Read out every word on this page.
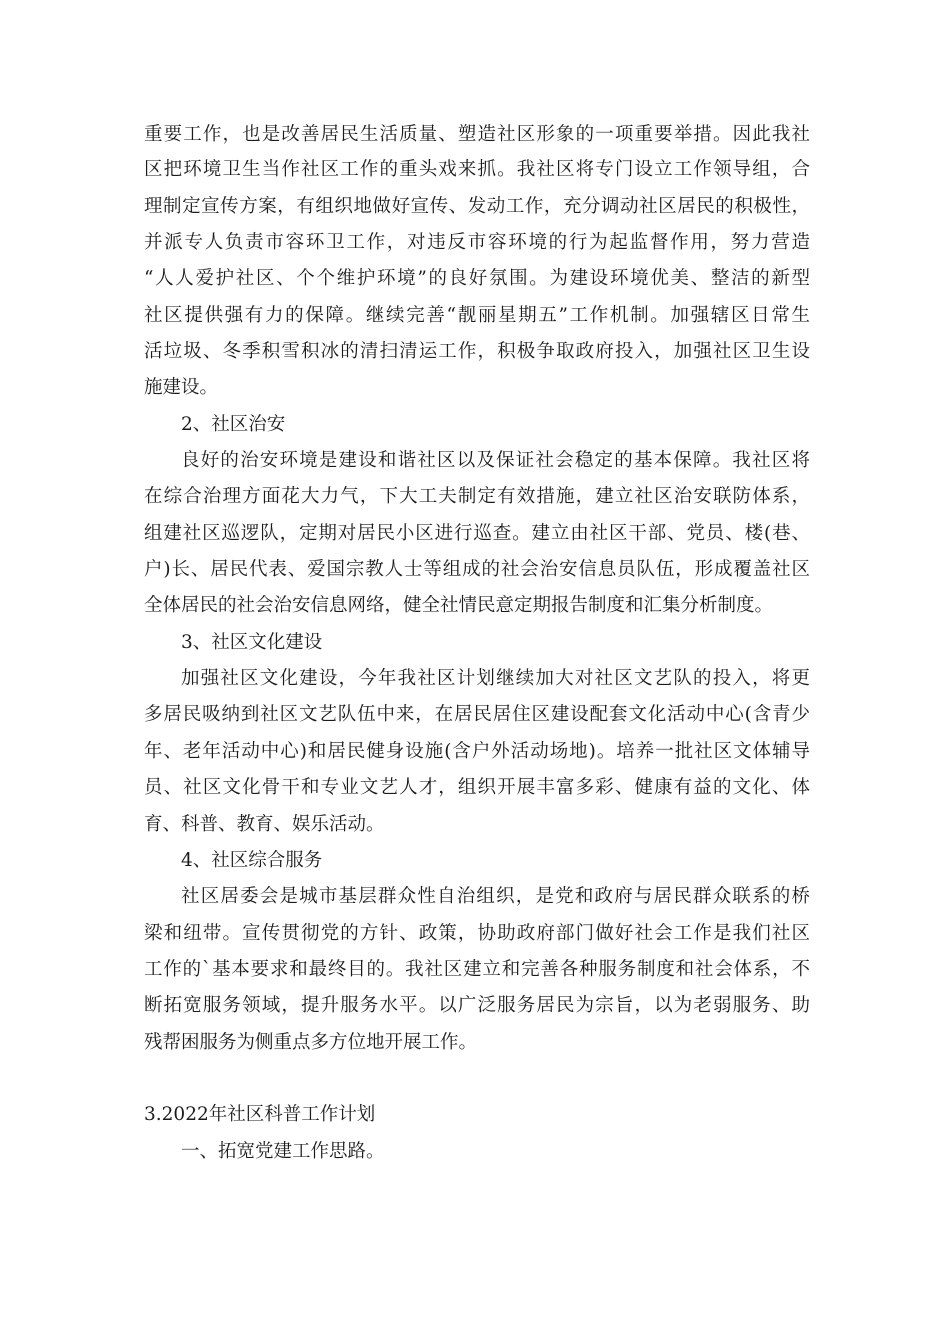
重要工作，也是改善居民生活质量、塑造社区形象的一项重要举措。因此我社
区把环境卫生当作社区工作的重头戏来抓。我社区将专门设立工作领导组，合
理制定宣传方案，有组织地做好宣传、发动工作，充分调动社区居民的积极性，
并派专人负责市容环卫工作，对违反市容环境的行为起监督作用，努力营造
“人人爱护社区、个个维护环境”的良好氛围。为建设环境优美、整洁的新型
社区提供强有力的保障。继续完善“靓丽星期五”工作机制。加强辖区日常生
活垃圾、冬季积雪积冰的清扫清运工作，积极争取政府投入，加强社区卫生设
施建设。
2、社区治安
良好的治安环境是建设和谐社区以及保证社会稳定的基本保障。我社区将
在综合治理方面花大力气，下大工夫制定有效措施，建立社区治安联防体系，
组建社区巡逻队，定期对居民小区进行巡查。建立由社区干部、党员、楼(巷、
户)长、居民代表、爱国宗教人士等组成的社会治安信息员队伍，形成覆盖社区
全体居民的社会治安信息网络，健全社情民意定期报告制度和汇集分析制度。
3、社区文化建设
加强社区文化建设，今年我社区计划继续加大对社区文艺队的投入，将更
多居民吸纳到社区文艺队伍中来，在居民居住区建设配套文化活动中心(含青少
年、老年活动中心)和居民健身设施(含户外活动场地)。培养一批社区文体辅导
员、社区文化骨干和专业文艺人才，组织开展丰富多彩、健康有益的文化、体
育、科普、教育、娱乐活动。
4、社区综合服务
社区居委会是城市基层群众性自治组织，是党和政府与居民群众联系的桥
梁和纽带。宣传贯彻党的方针、政策，协助政府部门做好社会工作是我们社区
工作的`基本要求和最终目的。我社区建立和完善各种服务制度和社会体系，不
断拓宽服务领域，提升服务水平。以广泛服务居民为宗旨，以为老弱服务、助
残帮困服务为侧重点多方位地开展工作。
3.2022年社区科普工作计划
一、拓宽党建工作思路。
